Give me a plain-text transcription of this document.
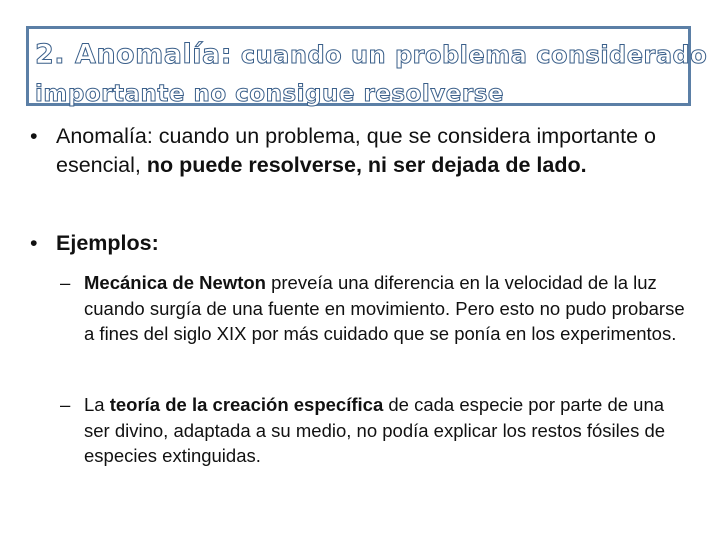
2. Anomalía: cuando un problema considerado
importante no consigue resolverse
• Anomalía: cuando un problema, que se considera importante o esencial, no puede resolverse, ni ser dejada de lado.
• Ejemplos:
– Mecánica de Newton preveía una diferencia en la velocidad de la luz cuando surgía de una fuente en movimiento. Pero esto no pudo probarse a fines del siglo XIX por más cuidado que se ponía en los experimentos.
– La teoría de la creación específica de cada especie por parte de una ser divino, adaptada a su medio, no podía explicar los restos fósiles de especies extinguidas.
